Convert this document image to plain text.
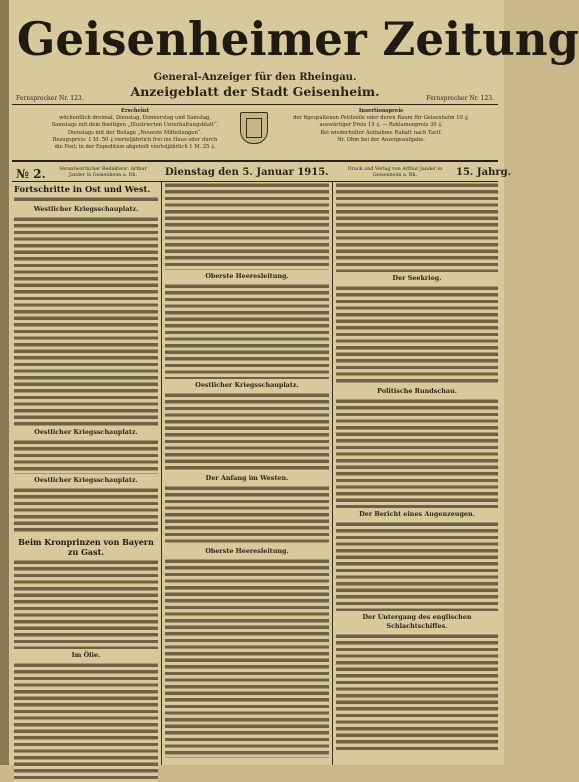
Geisenheimer Zeitung
General-Anzeiger für den Rheingau.
Anzeigeblatt der Stadt Geisenheim.
Fernsprecher Nr. 123.	Fernsprecher Nr. 123.
Erscheint
wöchentlich dreimal, Dienstag, Donnerstag und Samstag,
Samstags mit dem 8seitigen „Illustrierten Unterhaltungsblatt“.
Dienstags mit der Beilage „Neueste Mitteilungen“.
Bezugspreis: 1 M. 50 ₰ vierteljährlich frei ins Haus oder durch
die Post; in der Expedition abgeholt vierteljährlich 1 M. 25 ₰.
Insertionspreis
der 6gespaltenen Petitzeile oder deren Raum für Geisenheim 10 ₰;
auswärtiger Preis 15 ₰. — Reklamenpreis 30 ₰.
Bei wiederholter Aufnahme Rabatt nach Tarif.
Nr. Ohm bei der Anzeigeaufgabe.
№ 2.	Verantwortlicher Redakteur: Arthur Jander in Geisenheim a. Rh.	Dienstag den 5. Januar 1915.	Druck und Verlag von Arthur Jander in Geisenheim a. Rh.	15. Jahrg.
Fortschritte in Ost und West.
Westlicher Kriegsschauplatz.
Oestlicher Kriegsschauplatz.
Oestlicher Kriegsschauplatz.
Beim Kronprinzen von Bayern zu Gast.
Im Ölie.
Oberste Heeresleitung.
Oestlicher Kriegsschauplatz.
Der Anfang im Westen.
Oberste Heeresleitung.
Der Seekrieg.
Politische Rundschau.
Der Bericht eines Augenzeugen.
Der Untergang des englischen Schlachtschiffes.
